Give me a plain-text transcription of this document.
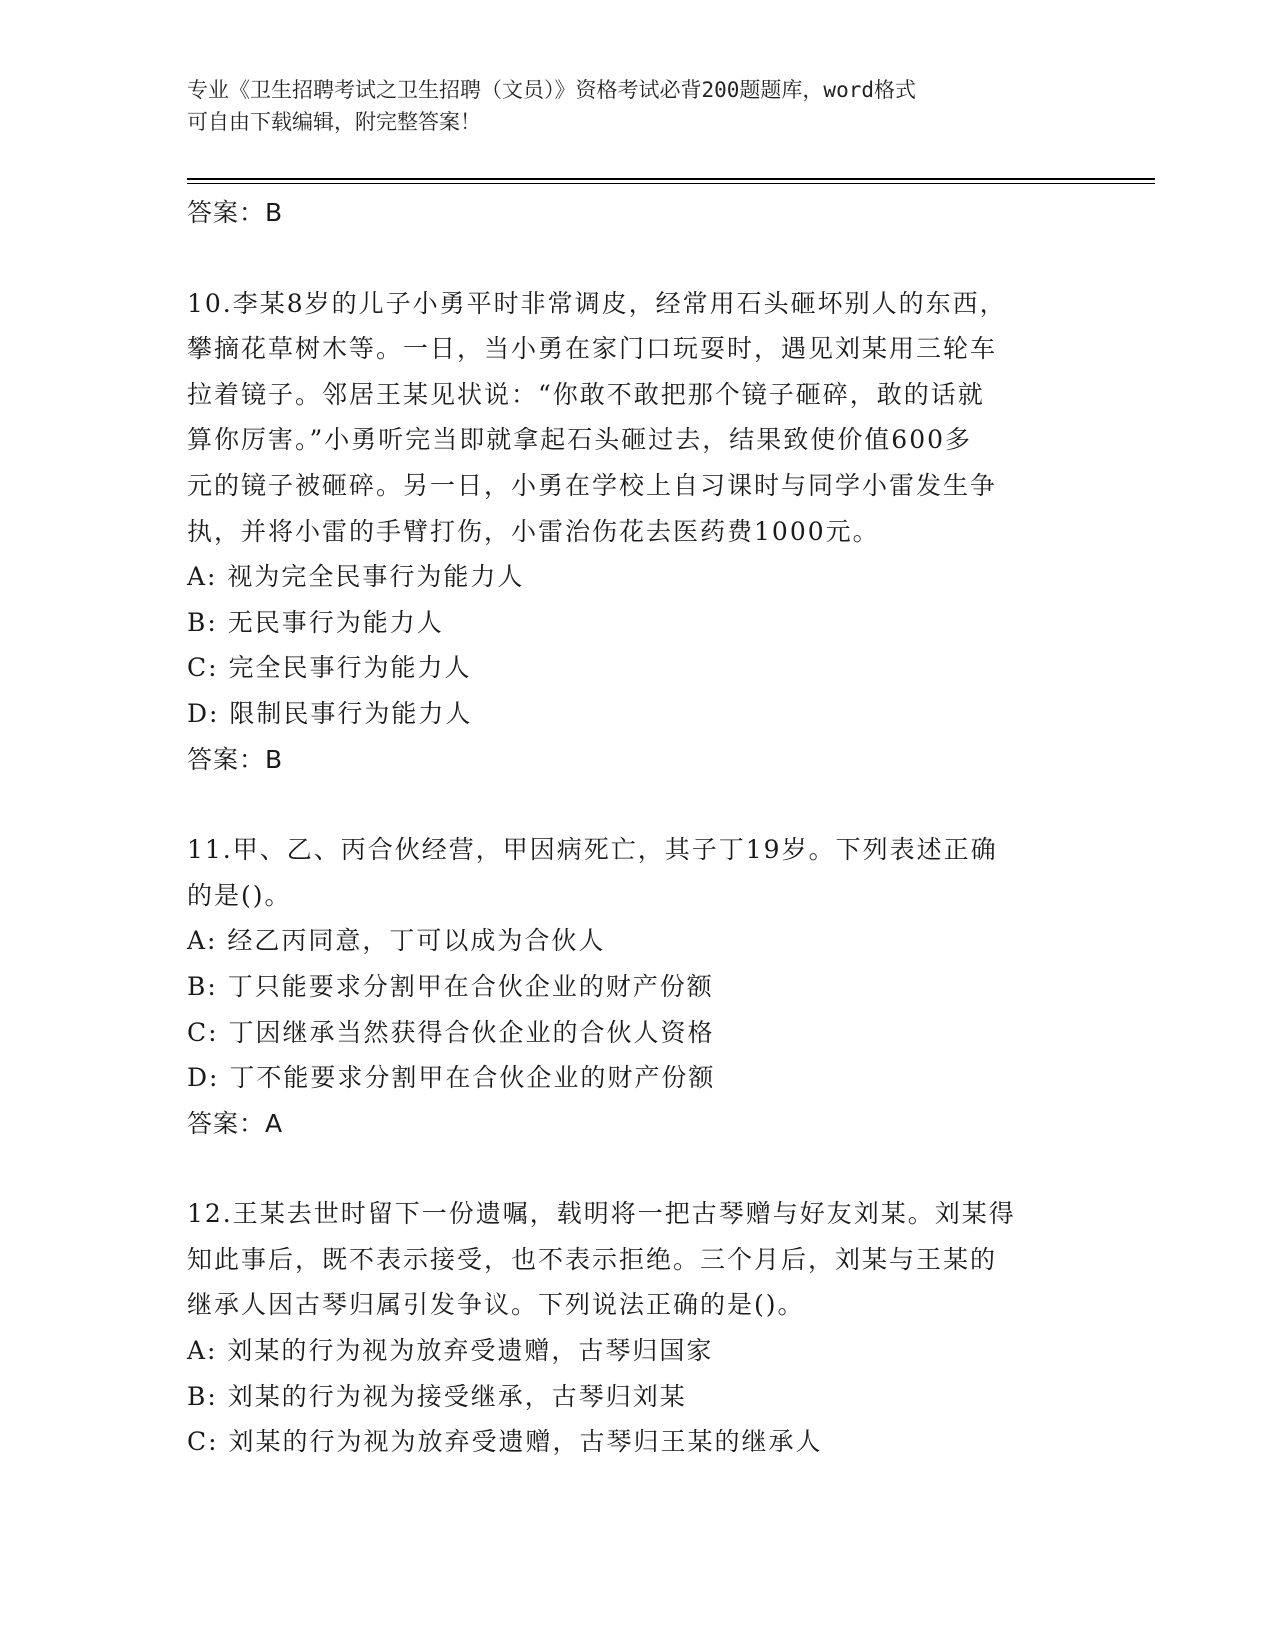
专业《卫生招聘考试之卫生招聘（文员）》资格考试必背200题题库，word格式
可自由下载编辑，附完整答案！
答案：B
10.李某8岁的儿子小勇平时非常调皮，经常用石头砸坏别人的东西，
攀摘花草树木等。一日，当小勇在家门口玩耍时，遇见刘某用三轮车
拉着镜子。邻居王某见状说：“你敢不敢把那个镜子砸碎，敢的话就
算你厉害。”小勇听完当即就拿起石头砸过去，结果致使价值600多
元的镜子被砸碎。另一日，小勇在学校上自习课时与同学小雷发生争
执，并将小雷的手臂打伤，小雷治伤花去医药费1000元。
A: 视为完全民事行为能力人
B: 无民事行为能力人
C: 完全民事行为能力人
D: 限制民事行为能力人
答案：B
11.甲、乙、丙合伙经营，甲因病死亡，其子丁19岁。下列表述正确
的是()。
A: 经乙丙同意，丁可以成为合伙人
B: 丁只能要求分割甲在合伙企业的财产份额
C: 丁因继承当然获得合伙企业的合伙人资格
D: 丁不能要求分割甲在合伙企业的财产份额
答案：A
12.王某去世时留下一份遗嘱，载明将一把古琴赠与好友刘某。刘某得
知此事后，既不表示接受，也不表示拒绝。三个月后，刘某与王某的
继承人因古琴归属引发争议。下列说法正确的是()。
A: 刘某的行为视为放弃受遗赠，古琴归国家
B: 刘某的行为视为接受继承，古琴归刘某
C: 刘某的行为视为放弃受遗赠，古琴归王某的继承人
